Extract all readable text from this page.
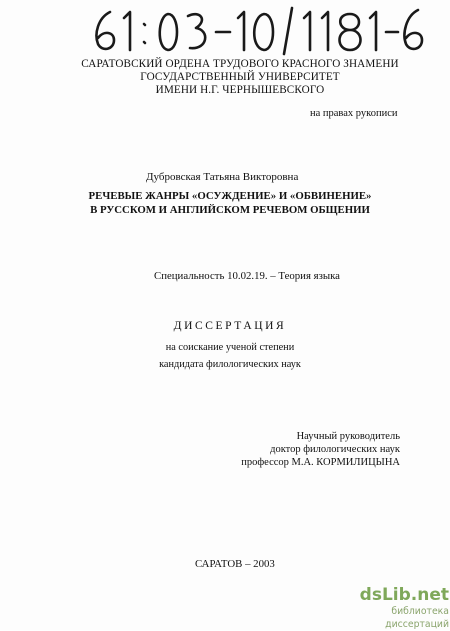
САРАТОВСКИЙ ОРДЕНА ТРУДОВОГО КРАСНОГО ЗНАМЕНИ
ГОСУДАРСТВЕННЫЙ УНИВЕРСИТЕТ
ИМЕНИ Н.Г. ЧЕРНЫШЕВСКОГО
на правах рукописи
Дубровская Татьяна Викторовна
РЕЧЕВЫЕ ЖАНРЫ «ОСУЖДЕНИЕ» И «ОБВИНЕНИЕ»
В РУССКОМ И АНГЛИЙСКОМ РЕЧЕВОМ ОБЩЕНИИ
Специальность 10.02.19. – Теория языка
ДИССЕРТАЦИЯ
на соискание ученой степени
кандидата филологических наук
Научный руководитель
доктор филологических наук
профессор М.А. КОРМИЛИЦЫНА
САРАТОВ – 2003
dsLib.net
библиотека диссертаций
